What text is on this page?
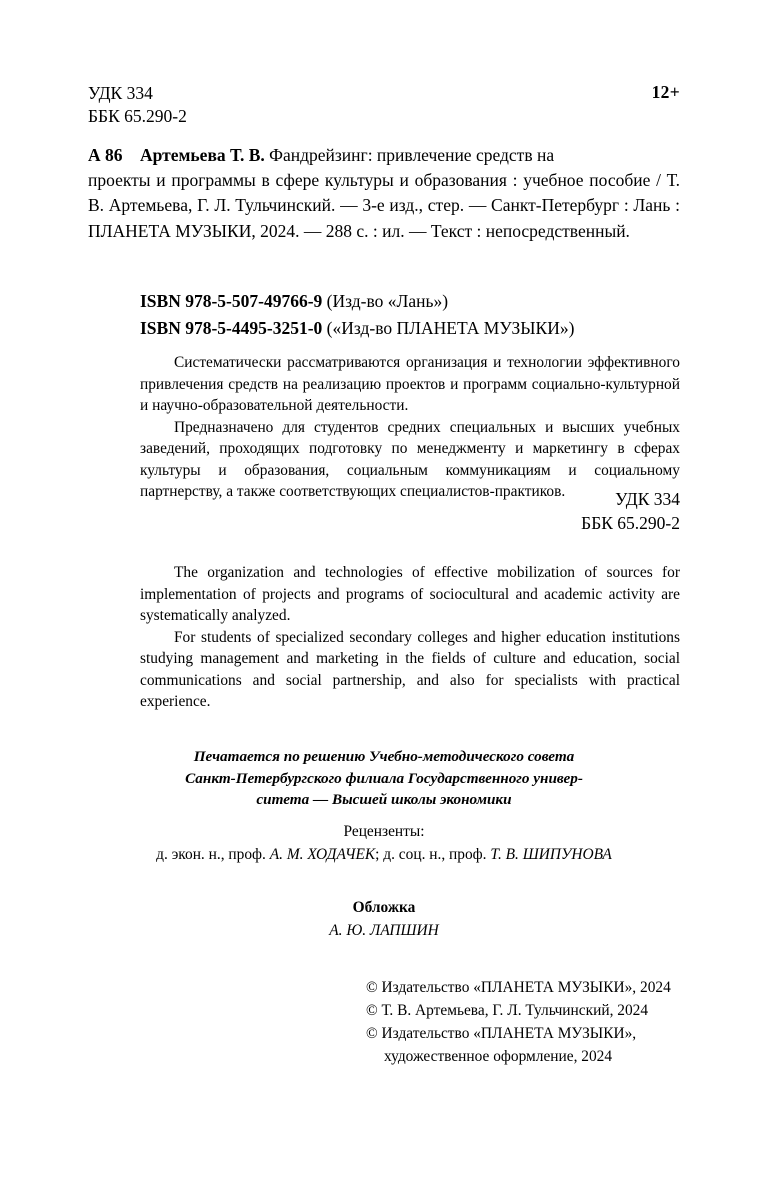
УДК 334
ББК 65.290-2
12+
А 86 Артемьева Т. В. Фандрейзинг: привлечение средств на
проекты и программы в сфере культуры и образования : учебное пособие / Т. В. Артемьева, Г. Л. Тульчинский. — 3-е изд., стер. — Санкт-Петербург : Лань : ПЛАНЕТА МУЗЫКИ, 2024. — 288 с. : ил. — Текст : непосредственный.
ISBN 978-5-507-49766-9 (Изд-во «Лань»)
ISBN 978-5-4495-3251-0 («Изд-во ПЛАНЕТА МУЗЫКИ»)

Систематически рассматриваются организация и технологии эффективного привлечения средств на реализацию проектов и программ социально-культурной и научно-образовательной деятельности.

Предназначено для студентов средних специальных и высших учебных заведений, проходящих подготовку по менеджменту и маркетингу в сферах культуры и образования, социальным коммуникациям и социальному партнерству, а также соответствующих специалистов-практиков.	УДК 334
ББК 65.290-2

The organization and technologies of effective mobilization of sources for implementation of projects and programs of sociocultural and academic activity are systematically analyzed.

For students of specialized secondary colleges and higher education institutions studying management and marketing in the fields of culture and education, social communications and social partnership, and also for specialists with practical experience.

Печатается по решению Учебно-методического совета
Санкт-Петербургского филиала Государственного универ-
ситета — Высшей школы экономики
Рецензенты:
д. экон. н., проф. А. М. ХОДАЧЕК; д. соц. н., проф. Т. В. ШИПУНОВА
Обложка
А. Ю. ЛАПШИН
© Издательство «ПЛАНЕТА МУЗЫКИ», 2024
© Т. В. Артемьева, Г. Л. Тульчинский, 2024
© Издательство «ПЛАНЕТА МУЗЫКИ»,
художественное оформление, 2024
